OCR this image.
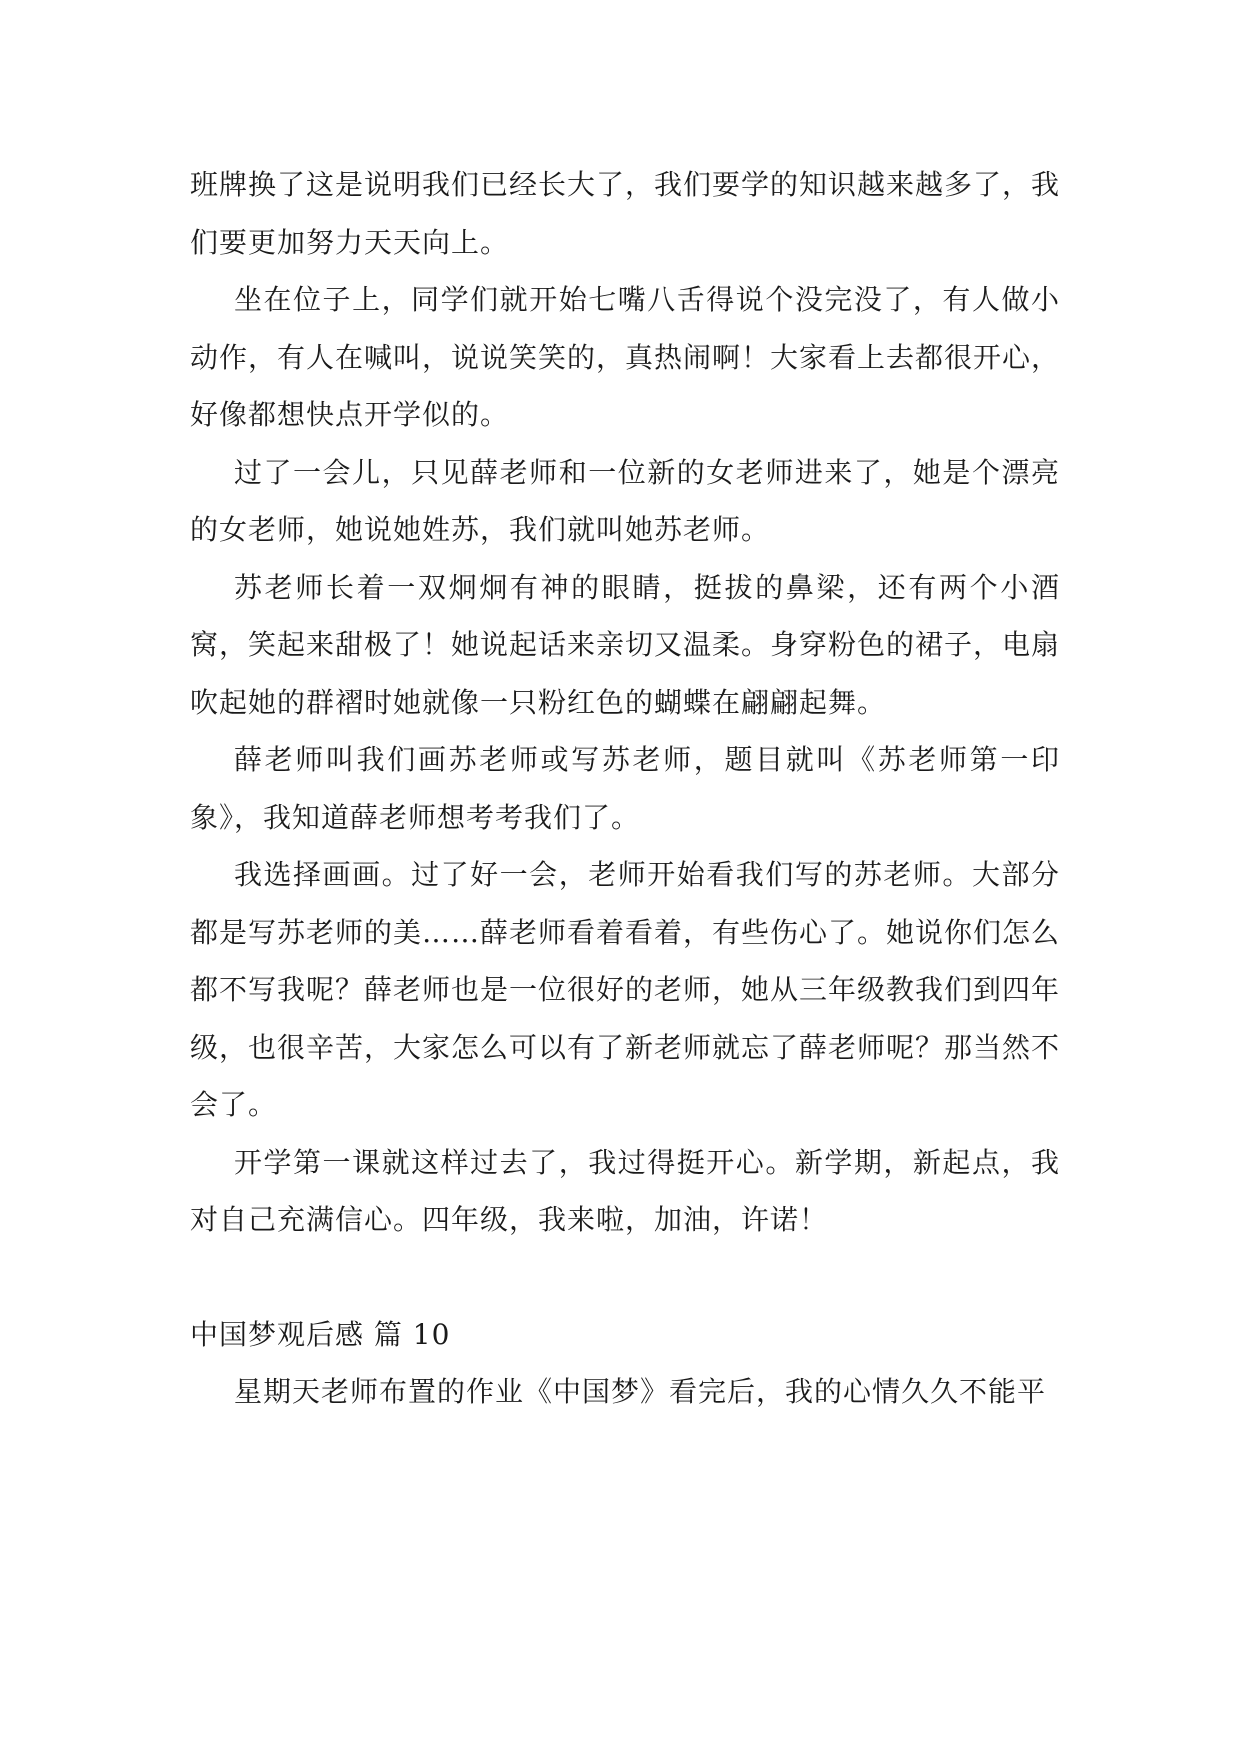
班牌换了这是说明我们已经长大了，我们要学的知识越来越多了，我们要更加努力天天向上。

坐在位子上，同学们就开始七嘴八舌得说个没完没了，有人做小动作，有人在喊叫，说说笑笑的，真热闹啊！大家看上去都很开心，好像都想快点开学似的。

过了一会儿，只见薛老师和一位新的女老师进来了，她是个漂亮的女老师，她说她姓苏，我们就叫她苏老师。

苏老师长着一双炯炯有神的眼睛，挺拔的鼻梁，还有两个小酒窝，笑起来甜极了！她说起话来亲切又温柔。身穿粉色的裙子，电扇吹起她的群褶时她就像一只粉红色的蝴蝶在翩翩起舞。

薛老师叫我们画苏老师或写苏老师，题目就叫《苏老师第一印象》，我知道薛老师想考考我们了。

我选择画画。过了好一会，老师开始看我们写的苏老师。大部分都是写苏老师的美……薛老师看着看着，有些伤心了。她说你们怎么都不写我呢？薛老师也是一位很好的老师，她从三年级教我们到四年级，也很辛苦，大家怎么可以有了新老师就忘了薛老师呢？那当然不会了。

开学第一课就这样过去了，我过得挺开心。新学期，新起点，我对自己充满信心。四年级，我来啦，加油，许诺！

中国梦观后感 篇 10

星期天老师布置的作业《中国梦》看完后，我的心情久久不能平
